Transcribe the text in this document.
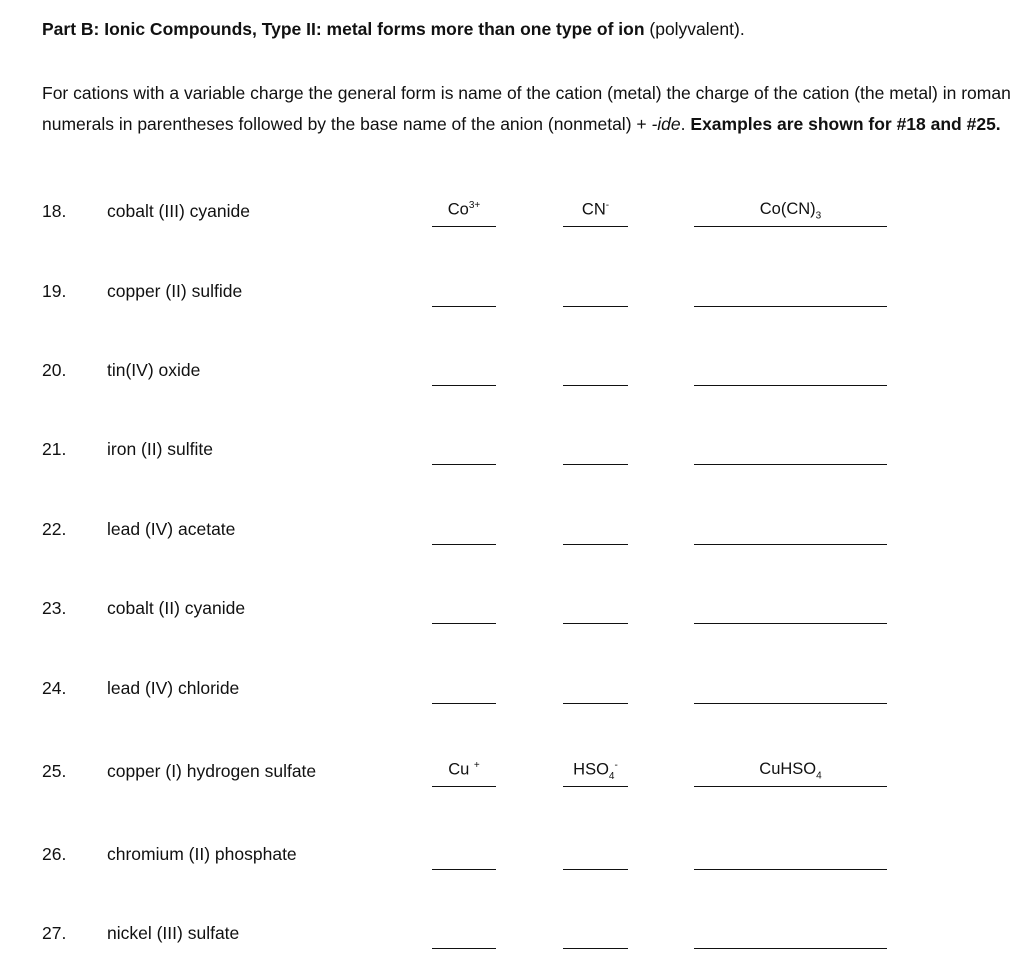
Part B: Ionic Compounds, Type II: metal forms more than one type of ion (polyvalent).
For cations with a variable charge the general form is name of the cation (metal) the charge of the cation (the metal) in roman numerals in parentheses followed by the base name of the anion (nonmetal) + -ide. Examples are shown for #18 and #25.
18. cobalt (III) cyanide	$Co^{3+}$	CN-	$Co(CN)_3$
19. copper (II) sulfide
20. tin(IV) oxide
21. iron (II) sulfite
22. lead (IV) acetate
23. cobalt (II) cyanide
24. lead (IV) chloride
25. copper (I) hydrogen sulfate	Cu +	$HSO_4^-$	CuHSO$_4$
26. chromium (II) phosphate
27. nickel (III) sulfate
